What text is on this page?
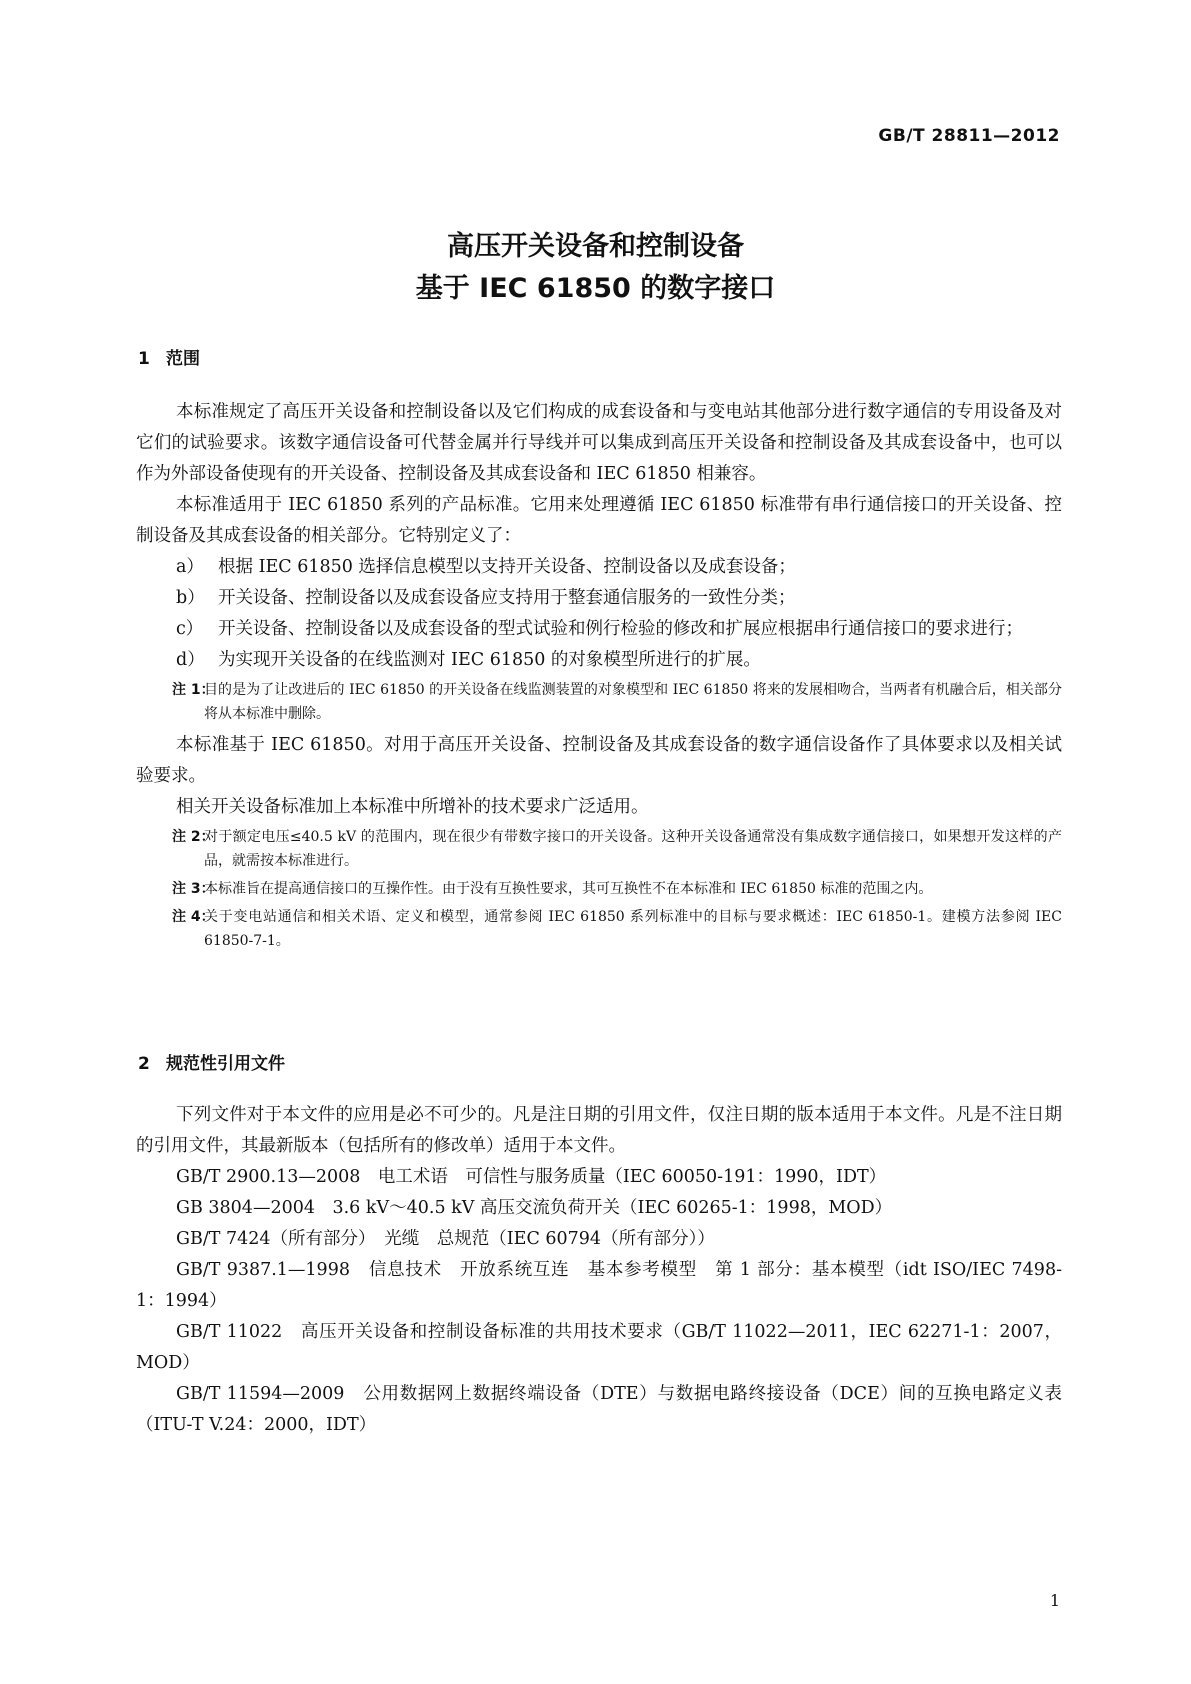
GB/T 28811—2012
高压开关设备和控制设备
基于 IEC 61850 的数字接口
1 范围

本标准规定了高压开关设备和控制设备以及它们构成的成套设备和与变电站其他部分进行数字通信的专用设备及对它们的试验要求。该数字通信设备可代替金属并行导线并可以集成到高压开关设备和控制设备及其成套设备中，也可以作为外部设备使现有的开关设备、控制设备及其成套设备和 IEC 61850 相兼容。

本标准适用于 IEC 61850 系列的产品标准。它用来处理遵循 IEC 61850 标准带有串行通信接口的开关设备、控制设备及其成套设备的相关部分。它特别定义了：

a） 根据 IEC 61850 选择信息模型以支持开关设备、控制设备以及成套设备；
b） 开关设备、控制设备以及成套设备应支持用于整套通信服务的一致性分类；
c） 开关设备、控制设备以及成套设备的型式试验和例行检验的修改和扩展应根据串行通信接口的要求进行；
d） 为实现开关设备的在线监测对 IEC 61850 的对象模型所进行的扩展。
注 1：
目的是为了让改进后的 IEC 61850 的开关设备在线监测装置的对象模型和 IEC 61850 将来的发展相吻合，当两者有机融合后，相关部分将从本标准中删除。

本标准基于 IEC 61850。对用于高压开关设备、控制设备及其成套设备的数字通信设备作了具体要求以及相关试验要求。

相关开关设备标准加上本标准中所增补的技术要求广泛适用。

注 2：
对于额定电压≤40.5 kV 的范围内，现在很少有带数字接口的开关设备。这种开关设备通常没有集成数字通信接口，如果想开发这样的产品，就需按本标准进行。
注 3：
本标准旨在提高通信接口的互操作性。由于没有互换性要求，其可互换性不在本标准和 IEC 61850 标准的范围之内。
注 4：
关于变电站通信和相关术语、定义和模型，通常参阅 IEC 61850 系列标准中的目标与要求概述：IEC 61850-1。建模方法参阅 IEC 61850-7-1。
2 规范性引用文件

下列文件对于本文件的应用是必不可少的。凡是注日期的引用文件，仅注日期的版本适用于本文件。凡是不注日期的引用文件，其最新版本（包括所有的修改单）适用于本文件。

GB/T 2900.13—2008　电工术语　可信性与服务质量（IEC 60050-191：1990，IDT）

GB 3804—2004　3.6 kV～40.5 kV 高压交流负荷开关（IEC 60265-1：1998，MOD）

GB/T 7424（所有部分）　光缆　总规范（IEC 60794（所有部分））

GB/T 9387.1—1998　信息技术　开放系统互连　基本参考模型　第 1 部分：基本模型（idt ISO/IEC 7498-1：1994）

GB/T 11022　高压开关设备和控制设备标准的共用技术要求（GB/T 11022—2011，IEC 62271-1：2007，MOD）

GB/T 11594—2009　公用数据网上数据终端设备（DTE）与数据电路终接设备（DCE）间的互换电路定义表（ITU-T V.24：2000，IDT）

1
